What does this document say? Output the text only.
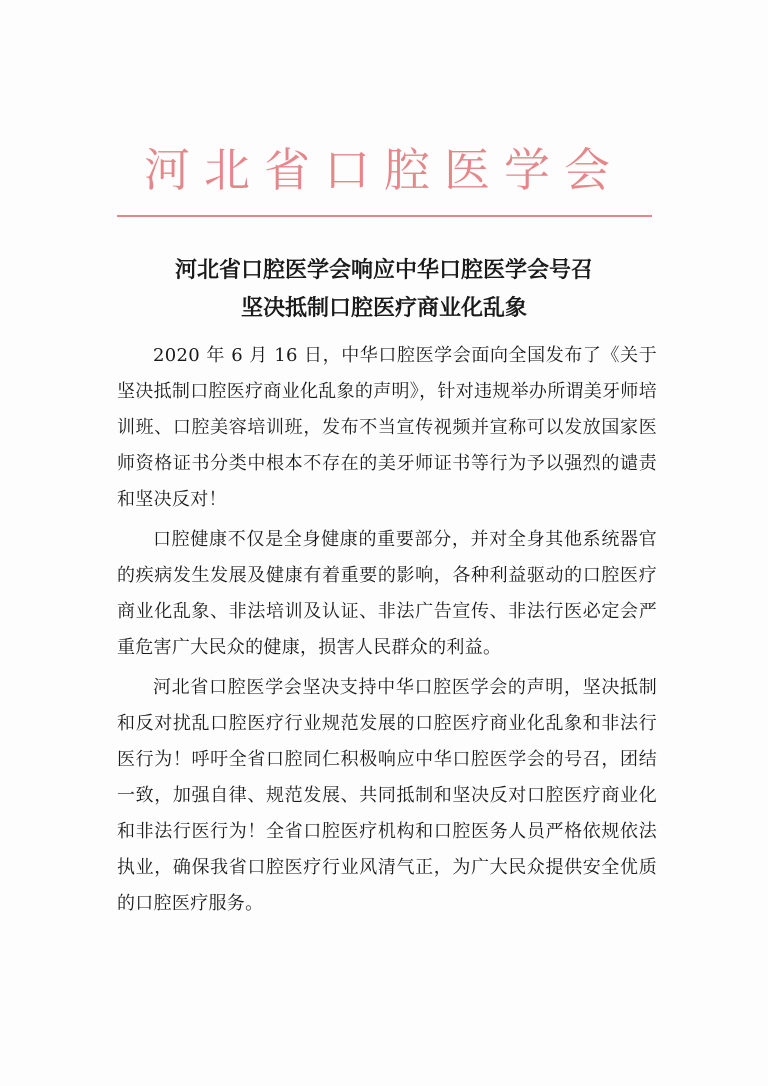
河北省口腔医学会
河北省口腔医学会响应中华口腔医学会号召
坚决抵制口腔医疗商业化乱象

2020 年 6 月 16 日，中华口腔医学会面向全国发布了《关于坚决抵制口腔医疗商业化乱象的声明》，针对违规举办所谓美牙师培训班、口腔美容培训班，发布不当宣传视频并宣称可以发放国家医师资格证书分类中根本不存在的美牙师证书等行为予以强烈的谴责和坚决反对！

口腔健康不仅是全身健康的重要部分，并对全身其他系统器官的疾病发生发展及健康有着重要的影响，各种利益驱动的口腔医疗商业化乱象、非法培训及认证、非法广告宣传、非法行医必定会严重危害广大民众的健康，损害人民群众的利益。

河北省口腔医学会坚决支持中华口腔医学会的声明，坚决抵制和反对扰乱口腔医疗行业规范发展的口腔医疗商业化乱象和非法行医行为！呼吁全省口腔同仁积极响应中华口腔医学会的号召，团结一致，加强自律、规范发展、共同抵制和坚决反对口腔医疗商业化和非法行医行为！全省口腔医疗机构和口腔医务人员严格依规依法执业，确保我省口腔医疗行业风清气正，为广大民众提供安全优质的口腔医疗服务。
